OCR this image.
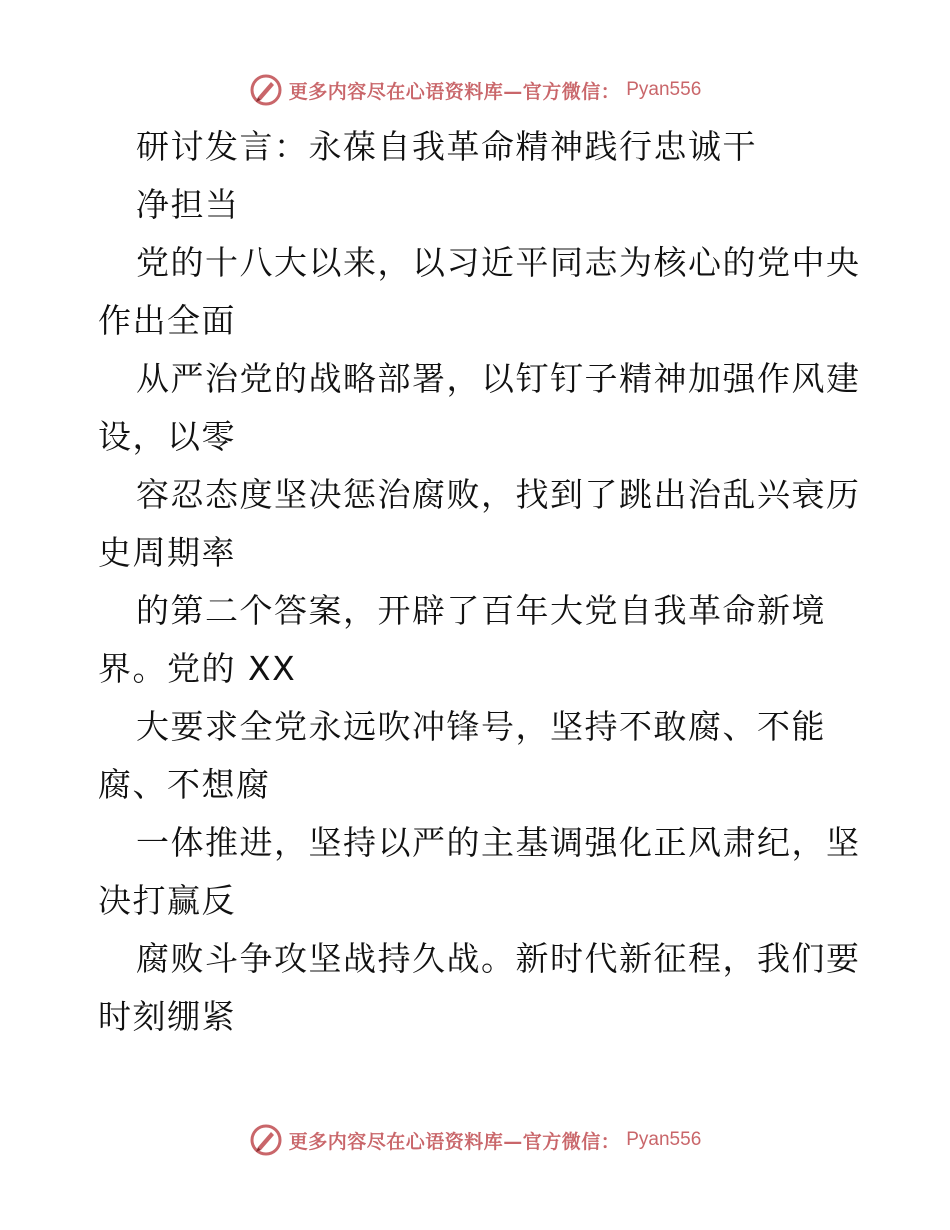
更多内容尽在心语资料库—官方微信： Pyan556
研讨发言：永葆自我革命精神践行忠诚干
净担当
党的十八大以来，以习近平同志为核心的党中央
作出全面
从严治党的战略部署，以钉钉子精神加强作风建
设，以零
容忍态度坚决惩治腐败，找到了跳出治乱兴衰历
史周期率
的第二个答案，开辟了百年大党自我革命新境
界。党的 XX
大要求全党永远吹冲锋号，坚持不敢腐、不能
腐、不想腐
一体推进，坚持以严的主基调强化正风肃纪，坚
决打赢反
腐败斗争攻坚战持久战。新时代新征程，我们要
时刻绷紧
更多内容尽在心语资料库—官方微信： Pyan556
